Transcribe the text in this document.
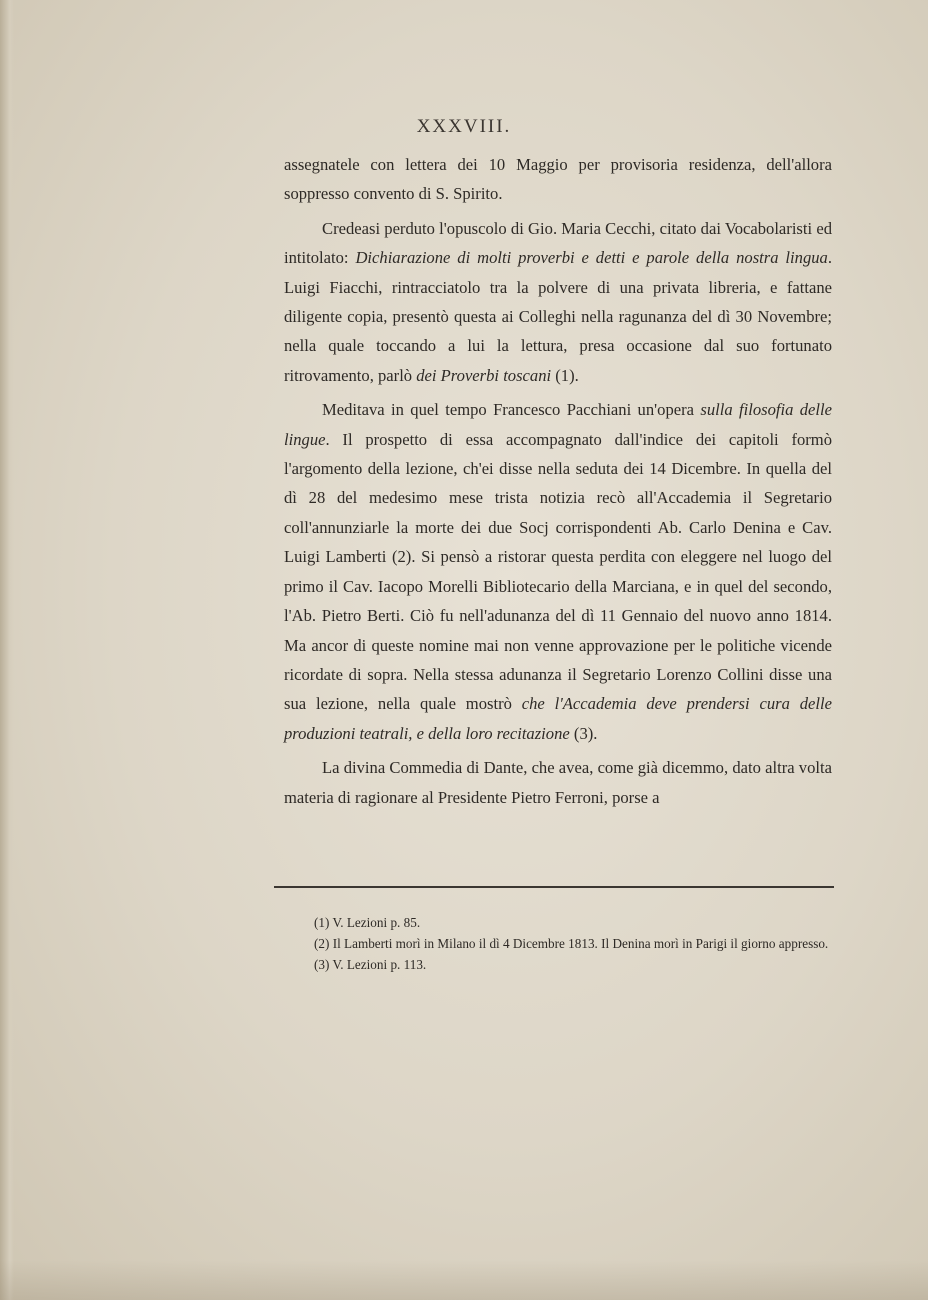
XXXVIII.

assegnatele con lettera dei 10 Maggio per provisoria residenza, dell'allora soppresso convento di S. Spirito.

Credeasi perduto l'opuscolo di Gio. Maria Cecchi, citato dai Vocabolaristi ed intitolato: Dichiarazione di molti proverbi e detti e parole della nostra lingua. Luigi Fiacchi, rintracciatolo tra la polvere di una privata libreria, e fattane diligente copia, presentò questa ai Colleghi nella ragunanza del dì 30 Novembre; nella quale toccando a lui la lettura, presa occasione dal suo fortunato ritrovamento, parlò dei Proverbi toscani (1).

Meditava in quel tempo Francesco Pacchiani un'opera sulla filosofia delle lingue. Il prospetto di essa accompagnato dall'indice dei capitoli formò l'argomento della lezione, ch'ei disse nella seduta dei 14 Dicembre. In quella del dì 28 del medesimo mese trista notizia recò all'Accademia il Segretario coll'annunziarle la morte dei due Socj corrispondenti Ab. Carlo Denina e Cav. Luigi Lamberti (2). Si pensò a ristorar questa perdita con eleggere nel luogo del primo il Cav. Iacopo Morelli Bibliotecario della Marciana, e in quel del secondo, l'Ab. Pietro Berti. Ciò fu nell'adunanza del dì 11 Gennaio del nuovo anno 1814. Ma ancor di queste nomine mai non venne approvazione per le politiche vicende ricordate di sopra. Nella stessa adunanza il Segretario Lorenzo Collini disse una sua lezione, nella quale mostrò che l'Accademia deve prendersi cura delle produzioni teatrali, e della loro recitazione (3).

La divina Commedia di Dante, che avea, come già dicemmo, dato altra volta materia di ragionare al Presidente Pietro Ferroni, porse a

(1) V. Lezioni p. 85.
(2) Il Lamberti morì in Milano il dì 4 Dicembre 1813. Il Denina morì in Parigi il giorno appresso.
(3) V. Lezioni p. 113.
